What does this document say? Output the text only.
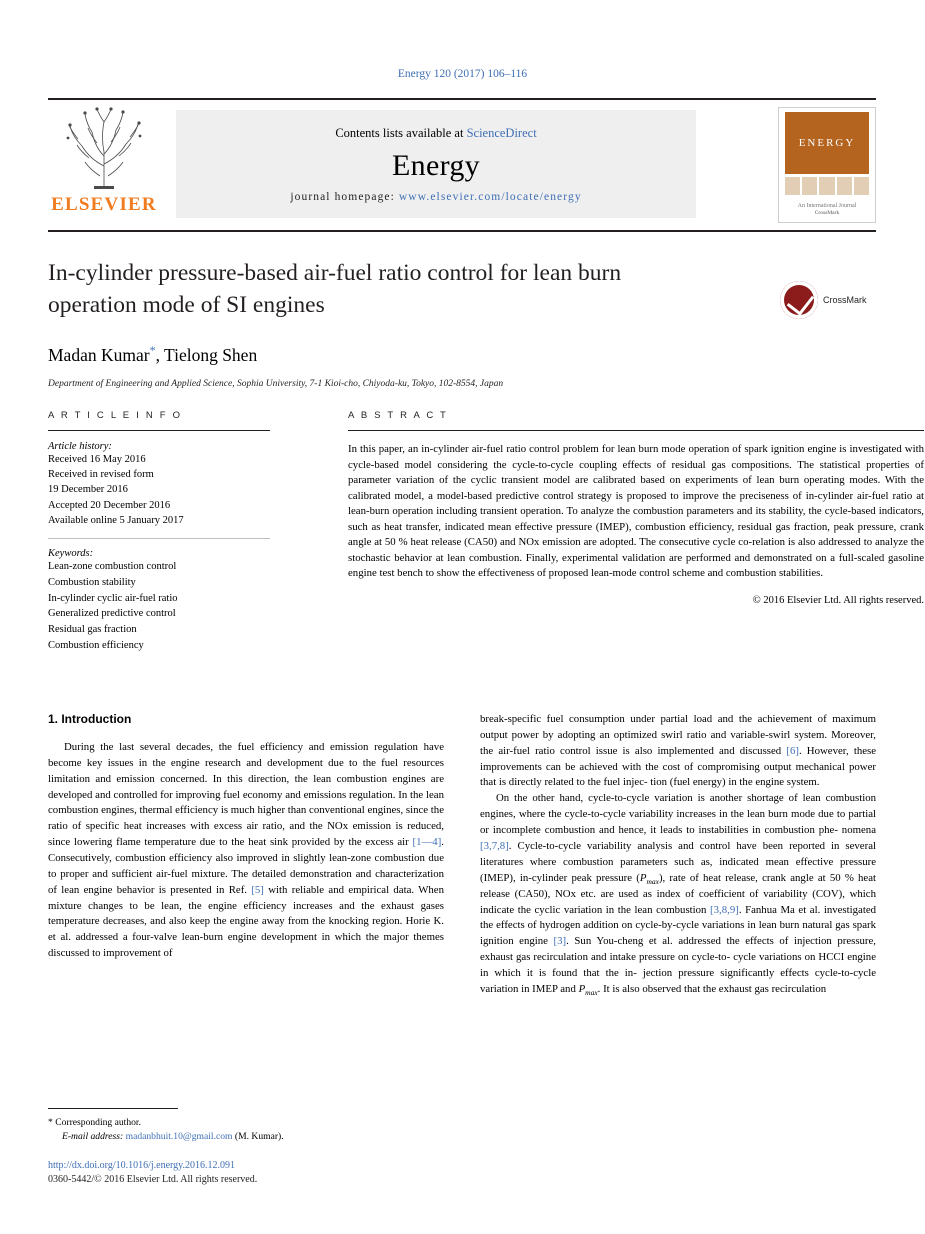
Energy 120 (2017) 106–116
ELSEVIER
Contents lists available at ScienceDirect
Energy
journal homepage: www.elsevier.com/locate/energy
ENERGY
An International Journal
CrossMark
In-cylinder pressure-based air-fuel ratio control for lean burn operation mode of SI engines
Madan Kumar*, Tielong Shen
Department of Engineering and Applied Science, Sophia University, 7-1 Kioi-cho, Chiyoda-ku, Tokyo, 102-8554, Japan
CrossMark
A R T I C L E I N F O
Article history:
Received 16 May 2016
Received in revised form
19 December 2016
Accepted 20 December 2016
Available online 5 January 2017
Keywords:
Lean-zone combustion control
Combustion stability
In-cylinder cyclic air-fuel ratio
Generalized predictive control
Residual gas fraction
Combustion efficiency
A B S T R A C T
In this paper, an in-cylinder air-fuel ratio control problem for lean burn mode operation of spark ignition engine is investigated with cycle-based model considering the cycle-to-cycle coupling effects of residual gas compositions. The statistical properties of parameter variation of the cyclic transient model are calibrated based on experiments of lean burn operating modes. With the calibrated model, a model-based predictive control strategy is proposed to improve the preciseness of in-cylinder air-fuel ratio at lean-burn operation including transient operation. To analyze the combustion parameters and its stability, the cycle-based indicators, such as heat transfer, indicated mean effective pressure (IMEP), combustion efficiency, residual gas fraction, peak pressure, crank angle at 50 % heat release (CA50) and NOx emission are adopted. The consecutive cycle co-relation is also addressed to analyze the stochastic behavior at lean combustion. Finally, experimental validation are performed and demonstrated on a full-scaled gasoline engine test bench to show the effectiveness of proposed lean-mode control scheme and combustion stabilities.
© 2016 Elsevier Ltd. All rights reserved.
1. Introduction

During the last several decades, the fuel efficiency and emission regulation have become key issues in the engine research and development due to the fuel resources limitation and emission concerned. In this direction, the lean combustion engines are developed and controlled for improving fuel economy and emissions regulation. In the lean combustion engines, thermal efficiency is much higher than conventional engines, since the ratio of specific heat increases with excess air ratio, and the NOx emission is reduced, since lowering flame temperature due to the heat sink provided by the excess air [1—4]. Consecutively, combustion efficiency also improved in slightly lean-zone combustion due to proper and sufficient air-fuel mixture. The detailed demonstration and characterization of lean engine behavior is presented in Ref. [5] with reliable and empirical data. When mixture changes to be lean, the engine efficiency increases and the exhaust gases temperature decreases, and also keep the engine away from the knocking region. Horie K. et al. addressed a four-valve lean-burn engine development in which the major themes discussed to improvement of

break-specific fuel consumption under partial load and the achievement of maximum output power by adopting an optimized swirl ratio and variable-swirl system. Moreover, the air-fuel ratio control issue is also implemented and discussed [6]. However, these improvements can be achieved with the cost of compromising output mechanical power that is directly related to the fuel injec- tion (fuel energy) in the engine system.

On the other hand, cycle-to-cycle variation is another shortage of lean combustion engines, where the cycle-to-cycle variability increases in the lean burn mode due to partial or incomplete combustion and hence, it leads to instabilities in combustion phe- nomena [3,7,8]. Cycle-to-cycle variability analysis and control have been reported in several literatures where combustion parameters such as, indicated mean effective pressure (IMEP), in-cylinder peak pressure $(P_{max})$, rate of heat release, crank angle at 50 % heat release (CA50), NOx etc. are used as index of coefficient of variability (COV), which indicate the cyclic variation in the lean combustion [3,8,9]. Fanhua Ma et al. investigated the effects of hydrogen addition on cycle-by-cycle variations in lean burn natural gas spark ignition engine [3]. Sun You-cheng et al. addressed the effects of injection pressure, exhaust gas recirculation and intake pressure on cycle-to- cycle variations on HCCI engine in which it is found that the in- jection pressure significantly effects cycle-to-cycle variation in IMEP and $P_{max}$. It is also observed that the exhaust gas recirculation

* Corresponding author.
E-mail address: madanbhuit.10@gmail.com (M. Kumar).
http://dx.doi.org/10.1016/j.energy.2016.12.091
0360-5442/© 2016 Elsevier Ltd. All rights reserved.
